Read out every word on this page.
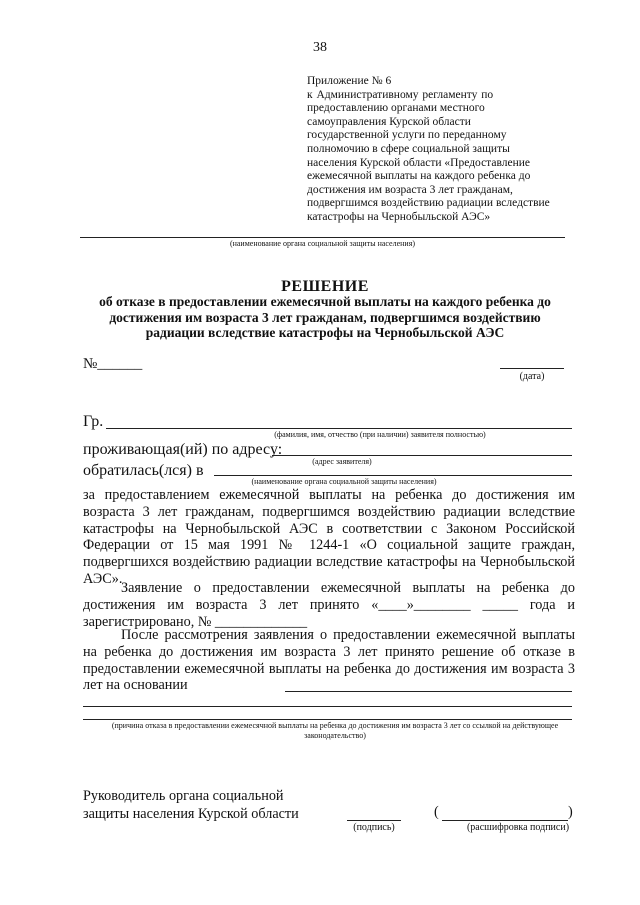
38
Приложение № 6
к Административному регламенту по
предоставлению органами местного
самоуправления Курской области
государственной услуги по переданному
полномочию в сфере социальной защиты
населения Курской области «Предоставление
ежемесячной выплаты на каждого ребенка до
достижения им возраста 3 лет гражданам,
подвергшимся воздействию радиации вследствие
катастрофы на Чернобыльской АЭС»
(наименование органа социальной защиты населения)
РЕШЕНИЕ
об отказе в предоставлении ежемесячной выплаты на каждого ребенка до достижения им возраста 3 лет гражданам, подвергшимся воздействию радиации вследствие катастрофы на Чернобыльской АЭС
№______
(дата)
Гр.
(фамилия, имя, отчество (при наличии) заявителя полностью)
проживающая(ий) по адресу:
(адрес заявителя)
обратилась(лся) в
(наименование органа социальной защиты населения)

за предоставлением ежемесячной выплаты на ребенка до достижения им возраста 3 лет гражданам, подвергшимся воздействию радиации вследствие катастрофы на Чернобыльской АЭС в соответствии с Законом Российской Федерации от 15 мая 1991 № 1244-1 «О социальной защите граждан, подвергшихся воздействию радиации вследствие катастрофы на Чернобыльской АЭС».

Заявление о предоставлении ежемесячной выплаты на ребенка до достижения им возраста 3 лет принято «____»________ _____ года и зарегистрировано, № _____________

После рассмотрения заявления о предоставлении ежемесячной выплаты на ребенка до достижения им возраста 3 лет принято решение об отказе в предоставлении ежемесячной выплаты на ребенка до достижения им возраста 3 лет на основании

(причина отказа в предоставлении ежемесячной выплаты на ребенка до достижения им возраста 3 лет со ссылкой на действующее законодательство)
Руководитель органа социальной
защиты населения Курской области
(подпись)
(	)
(расшифровка подписи)
